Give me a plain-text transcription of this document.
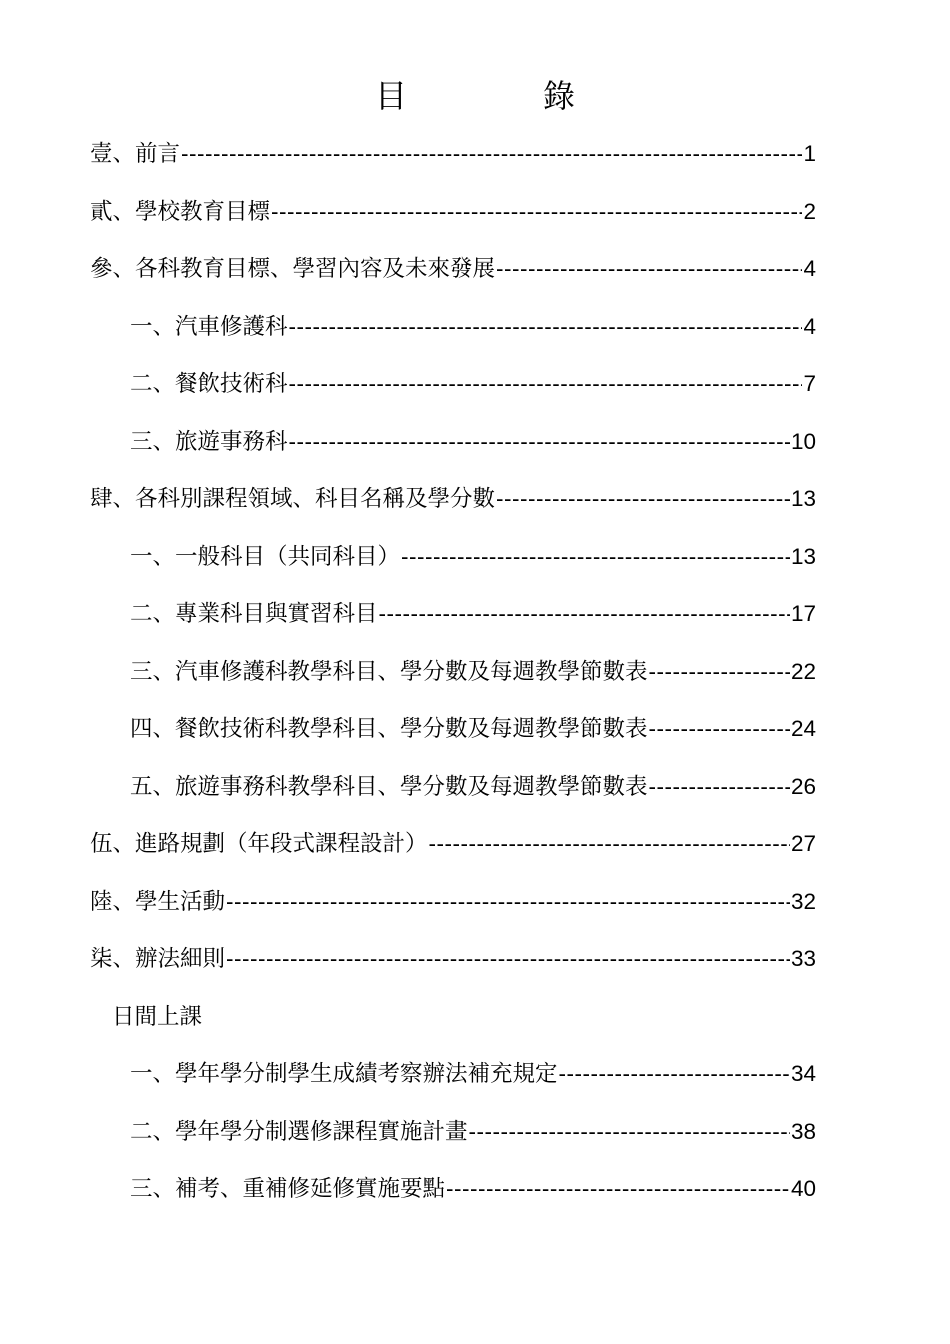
目　錄
壹、前言 -----	1
貳、學校教育目標 -----	2
參、各科教育目標、學習內容及未來發展 -----	4
一、汽車修護科 -----	4
二、餐飲技術科 -----	7
三、旅遊事務科 -----	10
肆、各科別課程領域、科目名稱及學分數 -----	13
一、一般科目（共同科目） -----	13
二、專業科目與實習科目 -----	17
三、汽車修護科教學科目、學分數及每週教學節數表 -----	22
四、餐飲技術科教學科目、學分數及每週教學節數表 -----	24
五、旅遊事務科教學科目、學分數及每週教學節數表 -----	26
伍、進路規劃（年段式課程設計） -----	27
陸、學生活動 -----	32
柒、辦法細則 -----	33
日間上課
一、學年學分制學生成績考察辦法補充規定 -----	34
二、學年學分制選修課程實施計畫 -----	38
三、補考、重補修延修實施要點 -----	40
